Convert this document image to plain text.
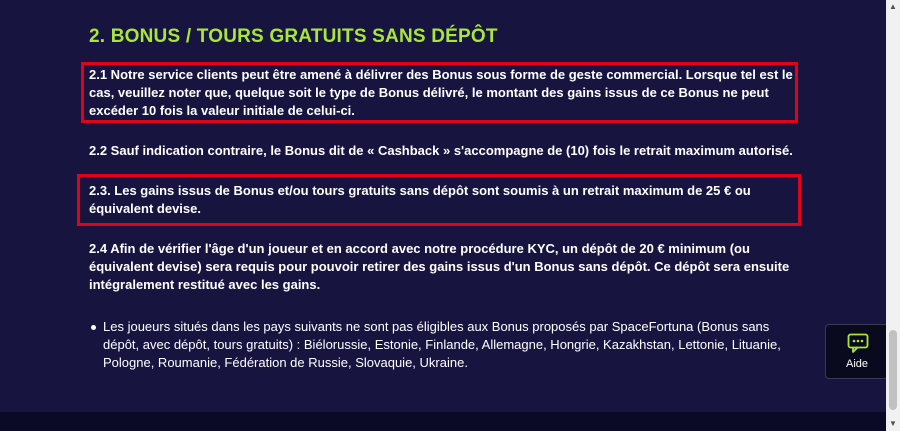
2. BONUS / TOURS GRATUITS SANS DÉPÔT
2.1 Notre service clients peut être amené à délivrer des Bonus sous forme de geste commercial. Lorsque tel est le cas, veuillez noter que, quelque soit le type de Bonus délivré, le montant des gains issus de ce Bonus ne peut excéder 10 fois la valeur initiale de celui-ci.
2.2 Sauf indication contraire, le Bonus dit de « Cashback » s'accompagne de (10) fois le retrait maximum autorisé.
2.3. Les gains issus de Bonus et/ou tours gratuits sans dépôt sont soumis à un retrait maximum de 25 € ou équivalent devise.
2.4 Afin de vérifier l'âge d'un joueur et en accord avec notre procédure KYC, un dépôt de 20 € minimum (ou équivalent devise) sera requis pour pouvoir retirer des gains issus d'un Bonus sans dépôt. Ce dépôt sera ensuite intégralement restitué avec les gains.
Les joueurs situés dans les pays suivants ne sont pas éligibles aux Bonus proposés par SpaceFortuna (Bonus sans dépôt, avec dépôt, tours gratuits) : Biélorussie, Estonie, Finlande, Allemagne, Hongrie, Kazakhstan, Lettonie, Lituanie, Pologne, Roumanie, Fédération de Russie, Slovaquie, Ukraine.	Aide
▲
▼
